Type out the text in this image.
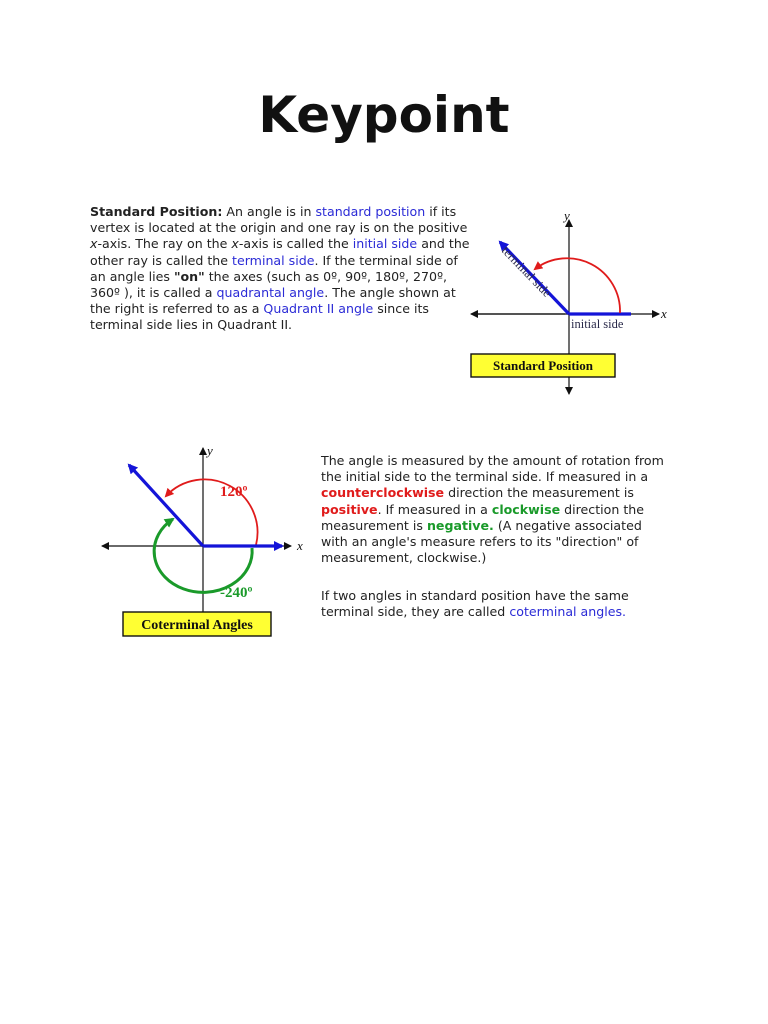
Keypoint

Standard Position: An angle is in standard position if its vertex is located at the origin and one ray is on the positive x-axis. The ray on the x-axis is called the initial side and the other ray is called the terminal side. If the terminal side of an angle lies "on" the axes (such as 0º, 90º, 180º, 270º, 360º ), it is called a quadrantal angle. The angle shown at the right is referred to as a Quadrant II angle since its terminal side lies in Quadrant II.

y
x
terminal side
initial side
Standard Position
y
x
120º
-240º
Coterminal Angles

The angle is measured by the amount of rotation from the initial side to the terminal side. If measured in a counterclockwise direction the measurement is positive. If measured in a clockwise direction the measurement is negative. (A negative associated with an angle's measure refers to its "direction" of measurement, clockwise.)

If two angles in standard position have the same terminal side, they are called coterminal angles.
